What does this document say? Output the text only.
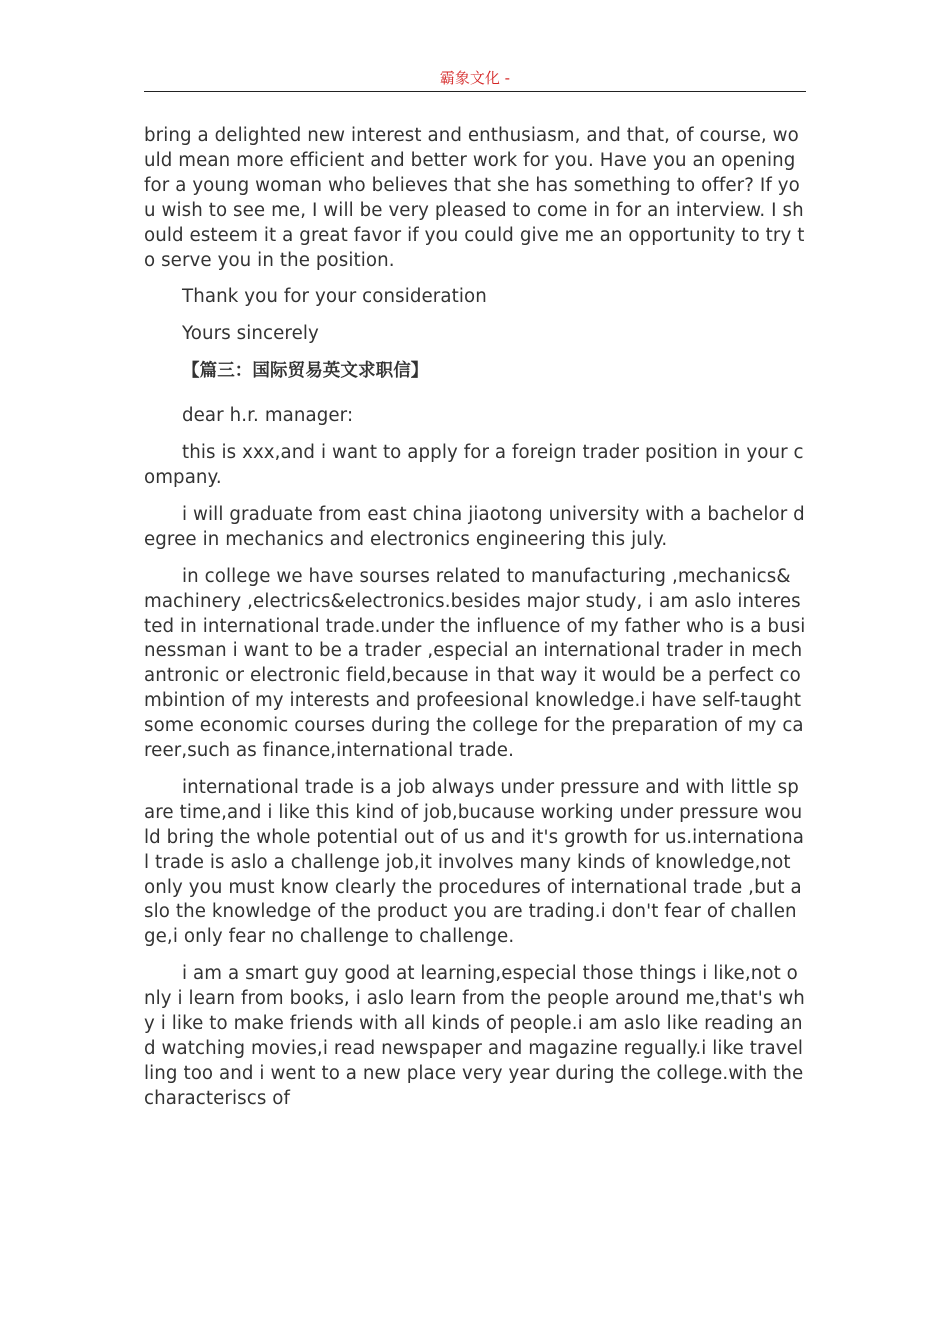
霸象文化 -

bring a delighted new interest and enthusiasm, and that, of course, would mean more efficient and better work for you. Have you an opening for a young woman who believes that she has something to offer? If you wish to see me, I will be very pleased to come in for an interview. I should esteem it a great favor if you could give me an opportunity to try to serve you in the position.

Thank you for your consideration

Yours sincerely

【篇三：国际贸易英文求职信】

dear h.r. manager:

this is xxx,and i want to apply for a foreign trader position in your company.

i will graduate from east china jiaotong university with a bachelor degree in mechanics and electronics engineering this july.

in college we have sourses related to manufacturing ,mechanics&machinery ,electrics&electronics.besides major study, i am aslo interested in international trade.under the influence of my father who is a businessman i want to be a trader ,especial an international trader in mechantronic or electronic field,because in that way it would be a perfect combintion of my interests and profeesional knowledge.i have self-taught some economic courses during the college for the preparation of my career,such as finance,international trade.

international trade is a job always under pressure and with little spare time,and i like this kind of job,bucause working under pressure would bring the whole potential out of us and it's growth for us.international trade is aslo a challenge job,it involves many kinds of knowledge,not only you must know clearly the procedures of international trade ,but aslo the knowledge of the product you are trading.i don't fear of challenge,i only fear no challenge to challenge.

i am a smart guy good at learning,especial those things i like,not only i learn from books, i aslo learn from the people around me,that's why i like to make friends with all kinds of people.i am aslo like reading and watching movies,i read newspaper and magazine regually.i like travelling too and i went to a new place very year during the college.with the characteriscs of
